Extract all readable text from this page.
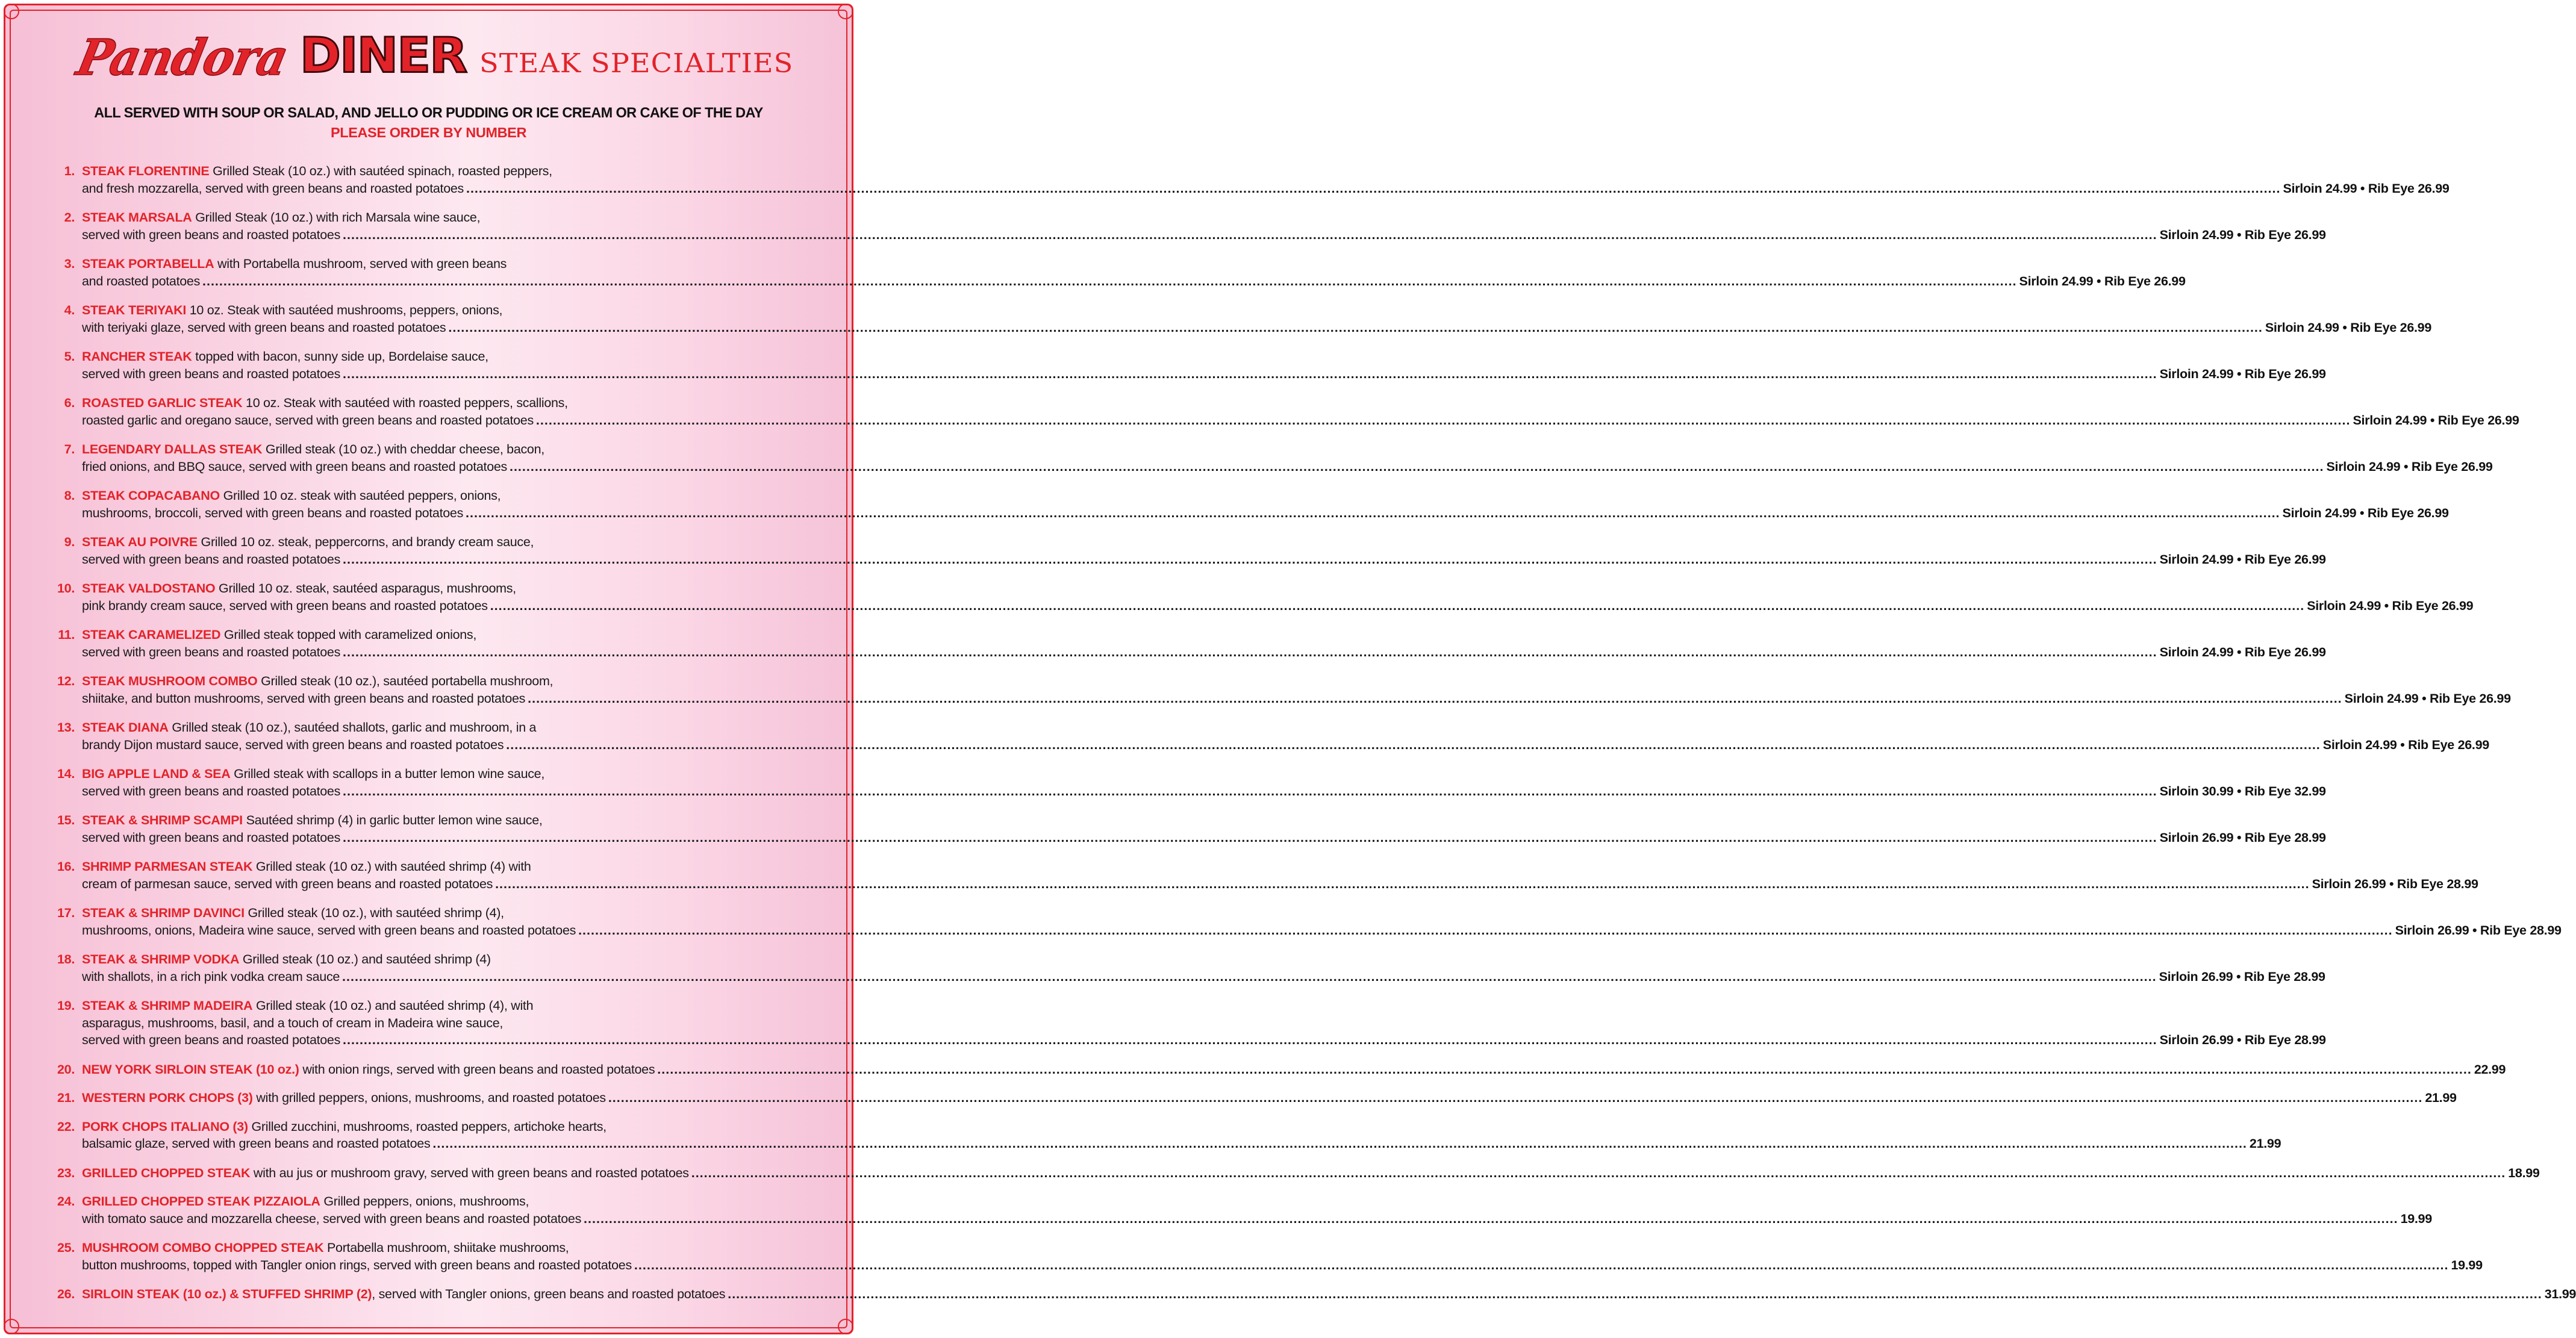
Pandora DINER STEAK SPECIALTIES
ALL SERVED WITH SOUP OR SALAD, AND JELLO OR PUDDING OR ICE CREAM OR CAKE OF THE DAY
PLEASE ORDER BY NUMBER
1. STEAK FLORENTINE Grilled Steak (10 oz.) with sautéed spinach, roasted peppers,
and fresh mozzarella, served with green beans and roasted potatoes .....	Sirloin 24.99 • Rib Eye 26.99
2. STEAK MARSALA Grilled Steak (10 oz.) with rich Marsala wine sauce,
served with green beans and roasted potatoes .....	Sirloin 24.99 • Rib Eye 26.99
3. STEAK PORTABELLA with Portabella mushroom, served with green beans
and roasted potatoes .....	Sirloin 24.99 • Rib Eye 26.99
4. STEAK TERIYAKI 10 oz. Steak with sautéed mushrooms, peppers, onions,
with teriyaki glaze, served with green beans and roasted potatoes .....	Sirloin 24.99 • Rib Eye 26.99
5. RANCHER STEAK topped with bacon, sunny side up, Bordelaise sauce,
served with green beans and roasted potatoes .....	Sirloin 24.99 • Rib Eye 26.99
6. ROASTED GARLIC STEAK 10 oz. Steak with sautéed with roasted peppers, scallions,
roasted garlic and oregano sauce, served with green beans and roasted potatoes .....	Sirloin 24.99 • Rib Eye 26.99
7. LEGENDARY DALLAS STEAK Grilled steak (10 oz.) with cheddar cheese, bacon,
fried onions, and BBQ sauce, served with green beans and roasted potatoes .....	Sirloin 24.99 • Rib Eye 26.99
8. STEAK COPACABANO Grilled 10 oz. steak with sautéed peppers, onions,
mushrooms, broccoli, served with green beans and roasted potatoes .....	Sirloin 24.99 • Rib Eye 26.99
9. STEAK AU POIVRE Grilled 10 oz. steak, peppercorns, and brandy cream sauce,
served with green beans and roasted potatoes .....	Sirloin 24.99 • Rib Eye 26.99
10. STEAK VALDOSTANO Grilled 10 oz. steak, sautéed asparagus, mushrooms,
pink brandy cream sauce, served with green beans and roasted potatoes .....	Sirloin 24.99 • Rib Eye 26.99
11. STEAK CARAMELIZED Grilled steak topped with caramelized onions,
served with green beans and roasted potatoes .....	Sirloin 24.99 • Rib Eye 26.99
12. STEAK MUSHROOM COMBO Grilled steak (10 oz.), sautéed portabella mushroom,
shiitake, and button mushrooms, served with green beans and roasted potatoes .....	Sirloin 24.99 • Rib Eye 26.99
13. STEAK DIANA Grilled steak (10 oz.), sautéed shallots, garlic and mushroom, in a
brandy Dijon mustard sauce, served with green beans and roasted potatoes .....	Sirloin 24.99 • Rib Eye 26.99
14. BIG APPLE LAND & SEA Grilled steak with scallops in a butter lemon wine sauce,
served with green beans and roasted potatoes .....	Sirloin 30.99 • Rib Eye 32.99
15. STEAK & SHRIMP SCAMPI Sautéed shrimp (4) in garlic butter lemon wine sauce,
served with green beans and roasted potatoes .....	Sirloin 26.99 • Rib Eye 28.99
16. SHRIMP PARMESAN STEAK Grilled steak (10 oz.) with sautéed shrimp (4) with
cream of parmesan sauce, served with green beans and roasted potatoes .....	Sirloin 26.99 • Rib Eye 28.99
17. STEAK & SHRIMP DAVINCI Grilled steak (10 oz.), with sautéed shrimp (4),
mushrooms, onions, Madeira wine sauce, served with green beans and roasted potatoes .....	Sirloin 26.99 • Rib Eye 28.99
18. STEAK & SHRIMP VODKA Grilled steak (10 oz.) and sautéed shrimp (4)
with shallots, in a rich pink vodka cream sauce .....	Sirloin 26.99 • Rib Eye 28.99
19. STEAK & SHRIMP MADEIRA Grilled steak (10 oz.) and sautéed shrimp (4), with
asparagus, mushrooms, basil, and a touch of cream in Madeira wine sauce,
served with green beans and roasted potatoes .....	Sirloin 26.99 • Rib Eye 28.99
20. NEW YORK SIRLOIN STEAK (10 oz.) with onion rings, served with green beans and roasted potatoes .....	22.99
21. WESTERN PORK CHOPS (3) with grilled peppers, onions, mushrooms, and roasted potatoes .....	21.99
22. PORK CHOPS ITALIANO (3) Grilled zucchini, mushrooms, roasted peppers, artichoke hearts,
balsamic glaze, served with green beans and roasted potatoes .....	21.99
23. GRILLED CHOPPED STEAK with au jus or mushroom gravy, served with green beans and roasted potatoes .....	18.99
24. GRILLED CHOPPED STEAK PIZZAIOLA Grilled peppers, onions, mushrooms,
with tomato sauce and mozzarella cheese, served with green beans and roasted potatoes .....	19.99
25. MUSHROOM COMBO CHOPPED STEAK Portabella mushroom, shiitake mushrooms,
button mushrooms, topped with Tangler onion rings, served with green beans and roasted potatoes .....	19.99
26. SIRLOIN STEAK (10 oz.) & STUFFED SHRIMP (2), served with Tangler onions, green beans and roasted potatoes .....	31.99
